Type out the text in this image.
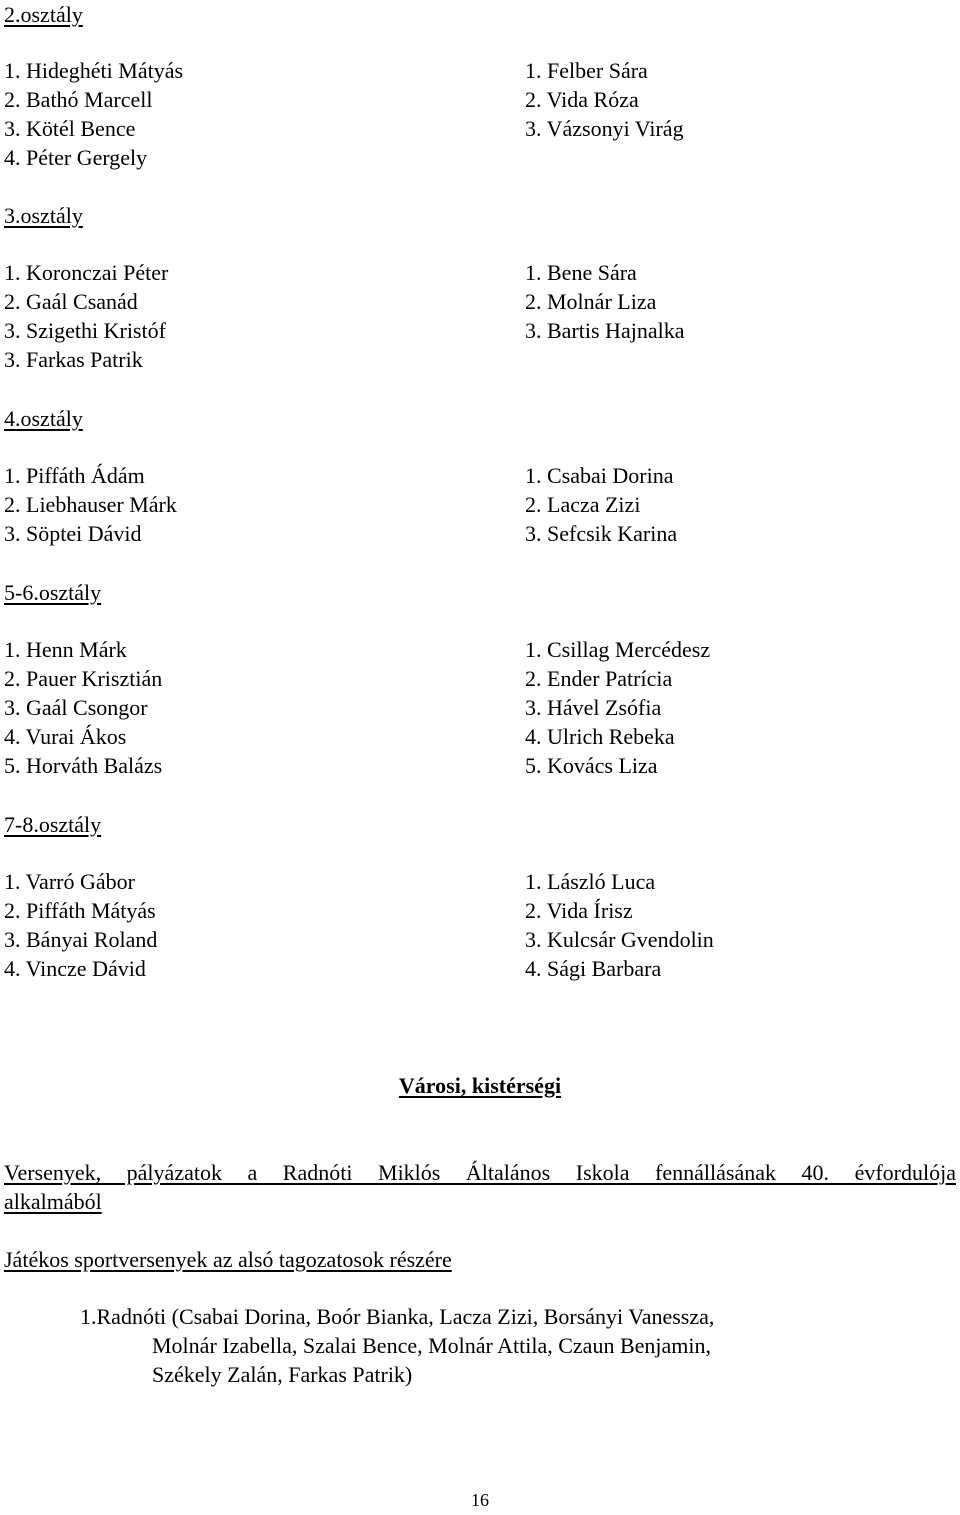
2.osztály
1. Hideghéti Mátyás
2. Bathó Marcell
3. Kötél Bence
4. Péter Gergely
1. Felber Sára
2. Vida Róza
3. Vázsonyi Virág
3.osztály
1. Koronczai Péter
2. Gaál Csanád
3. Szigethi Kristóf
3. Farkas Patrik
1. Bene Sára
2. Molnár Liza
3. Bartis Hajnalka
4.osztály
1. Piffáth Ádám
2. Liebhauser Márk
3. Söptei Dávid
1. Csabai Dorina
2. Lacza Zizi
3. Sefcsik Karina
5-6.osztály
1. Henn Márk
2. Pauer Krisztián
3. Gaál Csongor
4. Vurai Ákos
5. Horváth Balázs
1. Csillag Mercédesz
2. Ender Patrícia
3. Hável Zsófia
4. Ulrich Rebeka
5. Kovács Liza
7-8.osztály
1. Varró Gábor
2. Piffáth Mátyás
3. Bányai Roland
4. Vincze Dávid
1. László Luca
2. Vida Írisz
3. Kulcsár Gvendolin
4. Sági Barbara
Városi, kistérségi
Versenyek, pályázatok a Radnóti Miklós Általános Iskola fennállásának 40. évfordulója
alkalmából
Játékos sportversenyek az alsó tagozatosok részére
1.Radnóti (Csabai Dorina, Boór Bianka, Lacza Zizi, Borsányi Vanessza,
Molnár Izabella, Szalai Bence, Molnár Attila, Czaun Benjamin,
Székely Zalán, Farkas Patrik)
16
